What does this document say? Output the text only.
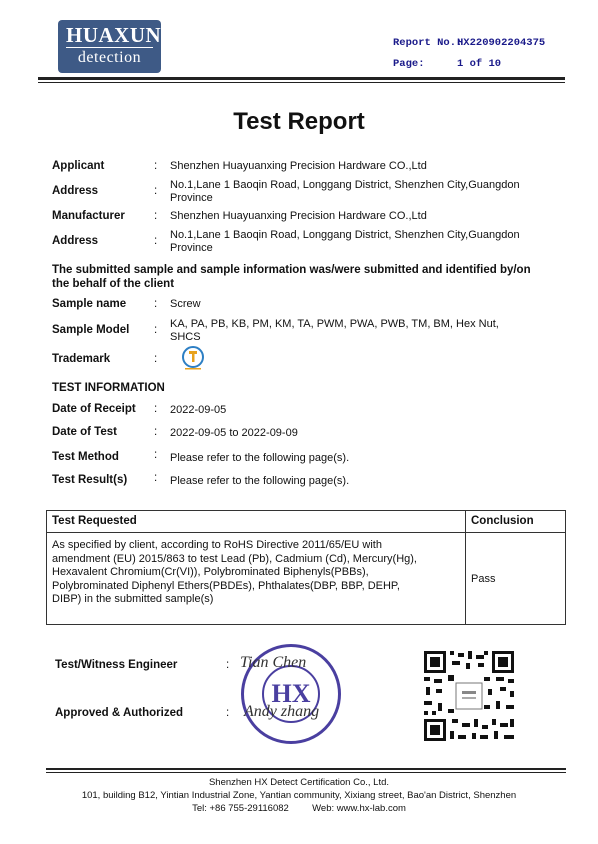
HUAXUN
detection
Report No.:
HX220902204375
Page:	1 of 10
Test Report
Applicant	: Shenzhen Huayuanxing Precision Hardware CO.,Ltd
Address	: No.1,Lane 1 Baoqin Road, Longgang District, Shenzhen City,Guangdon
Province
Manufacturer	: Shenzhen Huayuanxing Precision Hardware CO.,Ltd
Address	: No.1,Lane 1 Baoqin Road, Longgang District, Shenzhen City,Guangdon
Province
The submitted sample and sample information was/were submitted and identified by/on
the behalf of the client
Sample name : Screw
Sample Model : KA, PA, PB, KB, PM, KM, TA, PWM, PWA, PWB, TM, BM, Hex Nut,
SHCS
Trademark	:
TEST INFORMATION
Date of Receipt : 2022-09-05
Date of Test	: 2022-09-05 to 2022-09-09
Test Method	: Please refer to the following page(s).
Test Result(s) : Please refer to the following page(s).
Test Requested	Conclusion

As specified by client, according to RoHS Directive 2011/65/EU with
amendment (EU) 2015/863 to test Lead (Pb), Cadmium (Cd), Mercury(Hg),
Hexavalent Chromium(Cr(VI)), Polybrominated Biphenyls(PBBs),
Polybrominated Diphenyl Ethers(PBDEs), Phthalates(DBP, BBP, DEHP,
DIBP) in the submitted sample(s)	Pass
Test/Witness Engineer	:
Approved & Authorized	:
HX
Tian Chen
Andy zhang
Shenzhen HX Detect Certification Co., Ltd.
101, building B12, Yintian Industrial Zone, Yantian community, Xixiang street, Bao'an District, Shenzhen
Tel: +86 755-29116082 Web: www.hx-lab.com
